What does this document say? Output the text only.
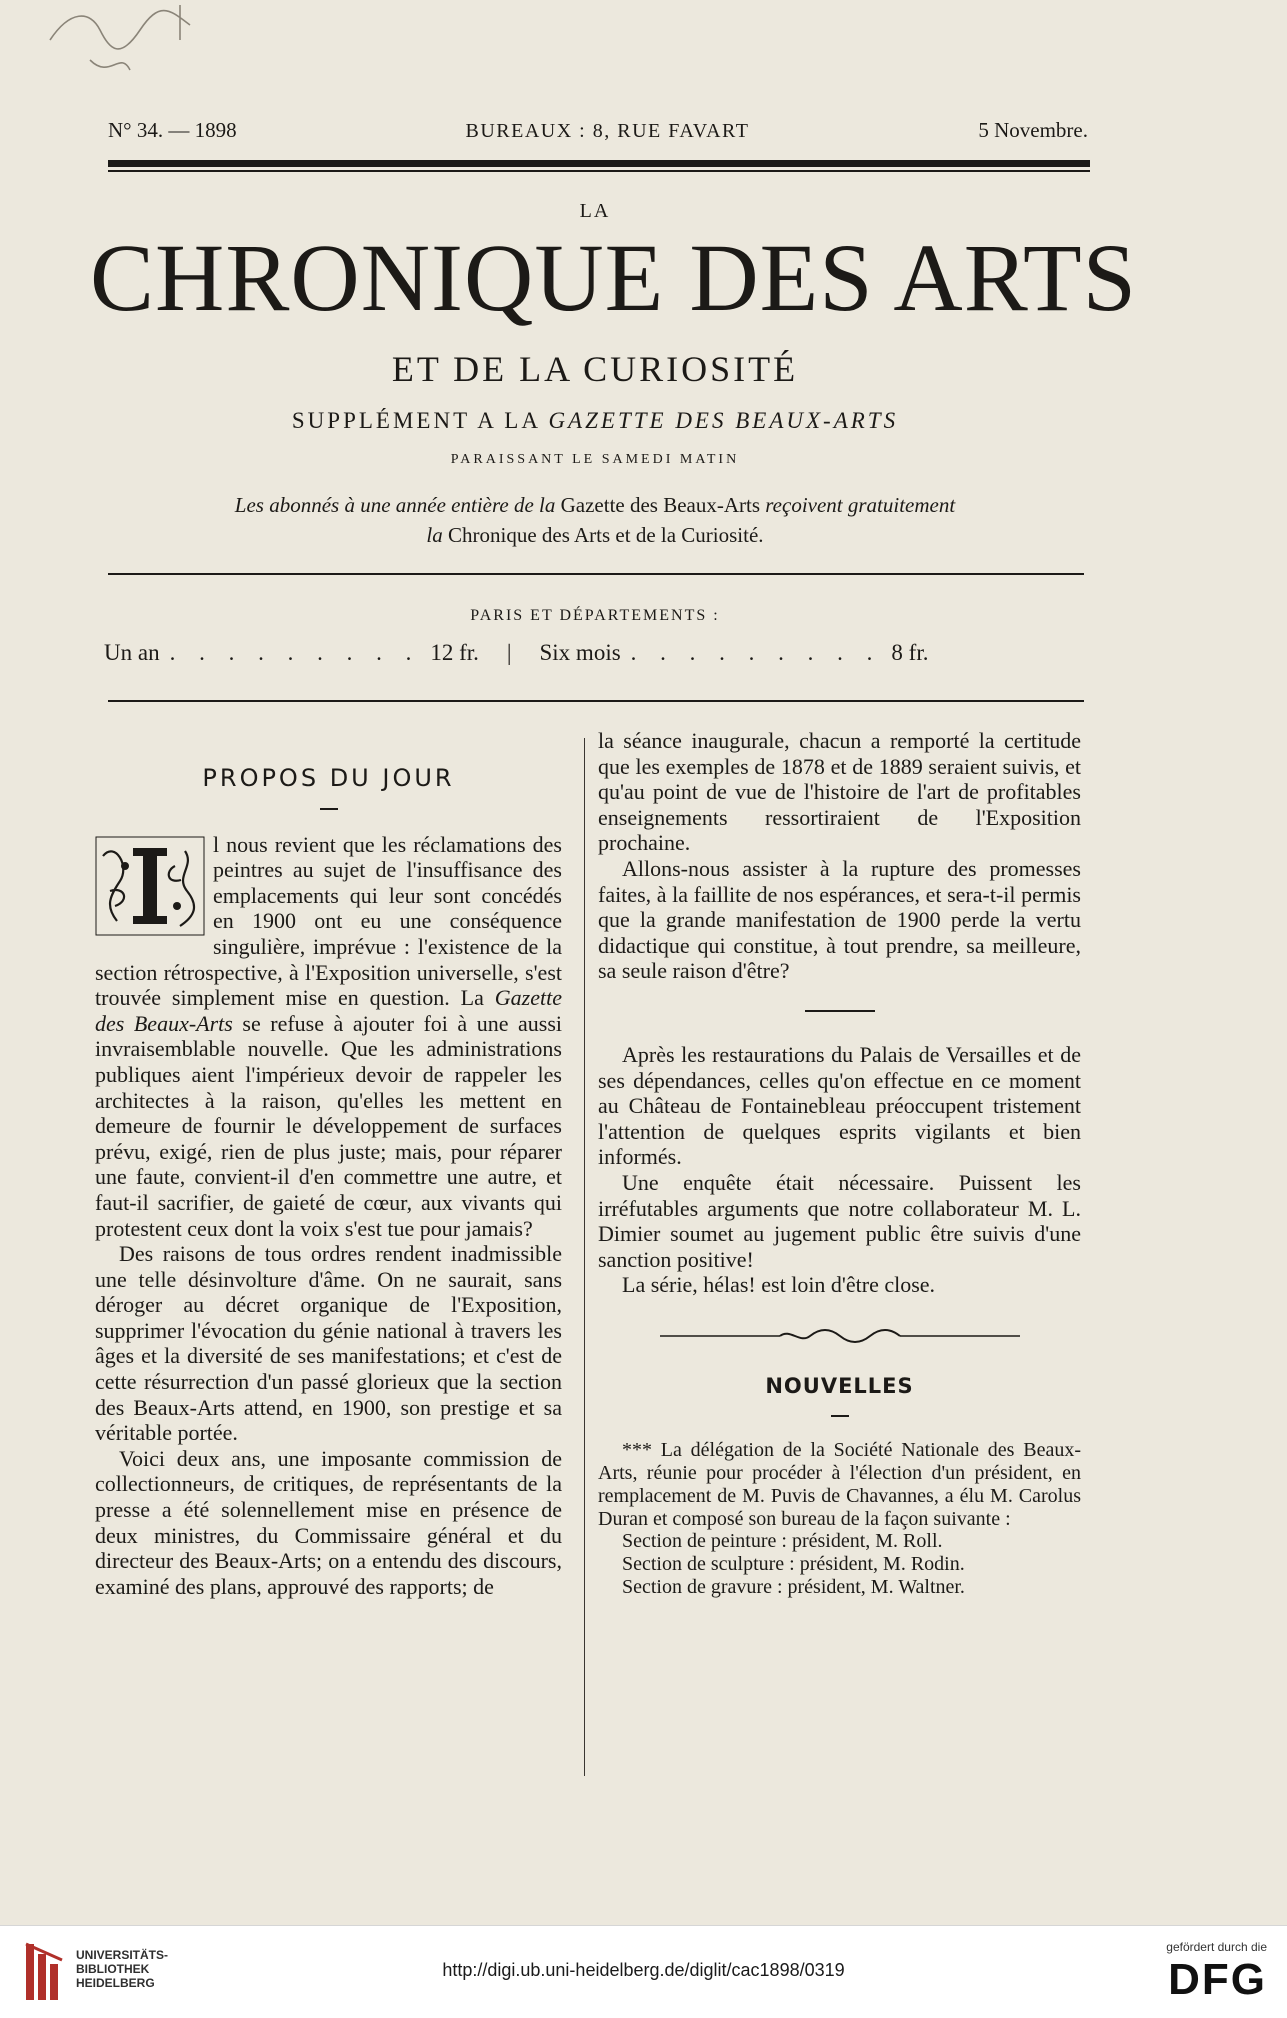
N° 34. — 1898	BUREAUX : 8, RUE FAVART	5 Novembre.
LA
CHRONIQUE DES ARTS
ET DE LA CURIOSITÉ
SUPPLÉMENT A LA GAZETTE DES BEAUX-ARTS
PARAISSANT LE SAMEDI MATIN
Les abonnés à une année entière de la Gazette des Beaux-Arts reçoivent gratuitement
la Chronique des Arts et de la Curiosité.
PARIS ET DÉPARTEMENTS :
Un an . . . . . . . . . 12 fr.	|	Six mois . . . . . . . . . 8 fr.
PROPOS DU JOUR

l nous revient que les réclamations des peintres au sujet de l'insuffisance des emplacements qui leur sont concédés en 1900 ont eu une conséquence singulière, imprévue : l'existence de la section rétrospective, à l'Exposition universelle, s'est trouvée simplement mise en question. La Gazette des Beaux-Arts se refuse à ajouter foi à une aussi invraisemblable nouvelle. Que les administrations publiques aient l'impérieux devoir de rappeler les architectes à la raison, qu'elles les mettent en demeure de fournir le développement de surfaces prévu, exigé, rien de plus juste; mais, pour réparer une faute, convient-il d'en commettre une autre, et faut-il sacrifier, de gaieté de cœur, aux vivants qui protestent ceux dont la voix s'est tue pour jamais?

Des raisons de tous ordres rendent inadmissible une telle désinvolture d'âme. On ne saurait, sans déroger au décret organique de l'Exposition, supprimer l'évocation du génie national à travers les âges et la diversité de ses manifestations; et c'est de cette résurrection d'un passé glorieux que la section des Beaux-Arts attend, en 1900, son prestige et sa véritable portée.

Voici deux ans, une imposante commission de collectionneurs, de critiques, de représentants de la presse a été solennellement mise en présence de deux ministres, du Commissaire général et du directeur des Beaux-Arts; on a entendu des discours, examiné des plans, approuvé des rapports; de

la séance inaugurale, chacun a remporté la certitude que les exemples de 1878 et de 1889 seraient suivis, et qu'au point de vue de l'histoire de l'art de profitables enseignements ressortiraient de l'Exposition prochaine.

Allons-nous assister à la rupture des promesses faites, à la faillite de nos espérances, et sera-t-il permis que la grande manifestation de 1900 perde la vertu didactique qui constitue, à tout prendre, sa meilleure, sa seule raison d'être?

Après les restaurations du Palais de Versailles et de ses dépendances, celles qu'on effectue en ce moment au Château de Fontainebleau préoccupent tristement l'attention de quelques esprits vigilants et bien informés.

Une enquête était nécessaire. Puissent les irréfutables arguments que notre collaborateur M. L. Dimier soumet au jugement public être suivis d'une sanction positive!

La série, hélas! est loin d'être close.

NOUVELLES

*** La délégation de la Société Nationale des Beaux-Arts, réunie pour procéder à l'élection d'un président, en remplacement de M. Puvis de Chavannes, a élu M. Carolus Duran et composé son bureau de la façon suivante :

Section de peinture : président, M. Roll.

Section de sculpture : président, M. Rodin.

Section de gravure : président, M. Waltner.

UNIVERSITÄTS-
BIBLIOTHEK
HEIDELBERG
http://digi.ub.uni-heidelberg.de/diglit/cac1898/0319
gefördert durch die
DFG
